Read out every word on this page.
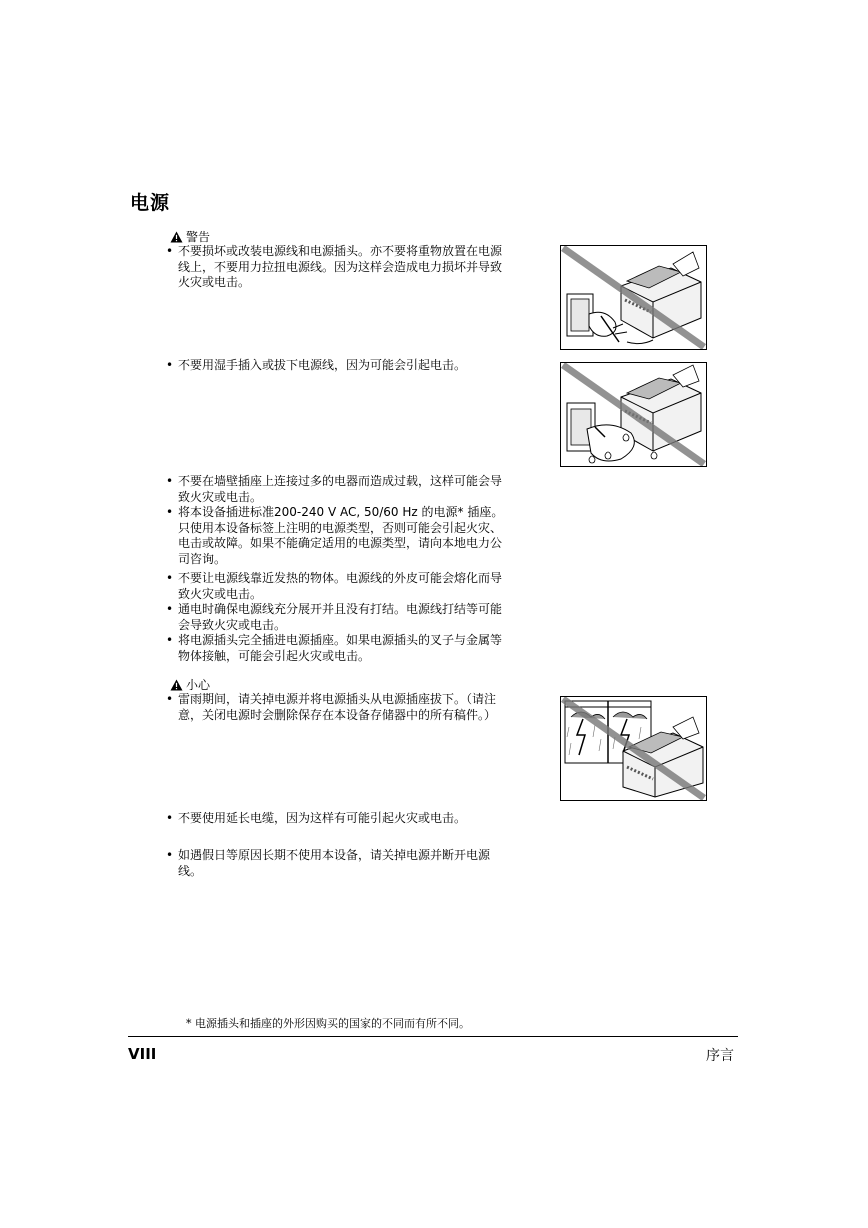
电源
警告
• 不要损坏或改装电源线和电源插头。亦不要将重物放置在电源线上，不要用力拉扭电源线。因为这样会造成电力损坏并导致火灾或电击。
• 不要用湿手插入或拔下电源线，因为可能会引起电击。
• 不要在墙壁插座上连接过多的电器而造成过载，这样可能会导致火灾或电击。
• 将本设备插进标准200-240 V AC, 50/60 Hz 的电源* 插座。只使用本设备标签上注明的电源类型，否则可能会引起火灾、电击或故障。如果不能确定适用的电源类型，请向本地电力公司咨询。
• 不要让电源线靠近发热的物体。电源线的外皮可能会熔化而导致火灾或电击。
• 通电时确保电源线充分展开并且没有打结。电源线打结等可能会导致火灾或电击。
• 将电源插头完全插进电源插座。如果电源插头的叉子与金属等物体接触，可能会引起火灾或电击。
小心
• 雷雨期间，请关掉电源并将电源插头从电源插座拔下。（请注意，关闭电源时会删除保存在本设备存储器中的所有稿件。）
• 不要使用延长电缆，因为这样有可能引起火灾或电击。
• 如遇假日等原因长期不使用本设备，请关掉电源并断开电源线。
* 电源插头和插座的外形因购买的国家的不同而有所不同。
VIII	序言
